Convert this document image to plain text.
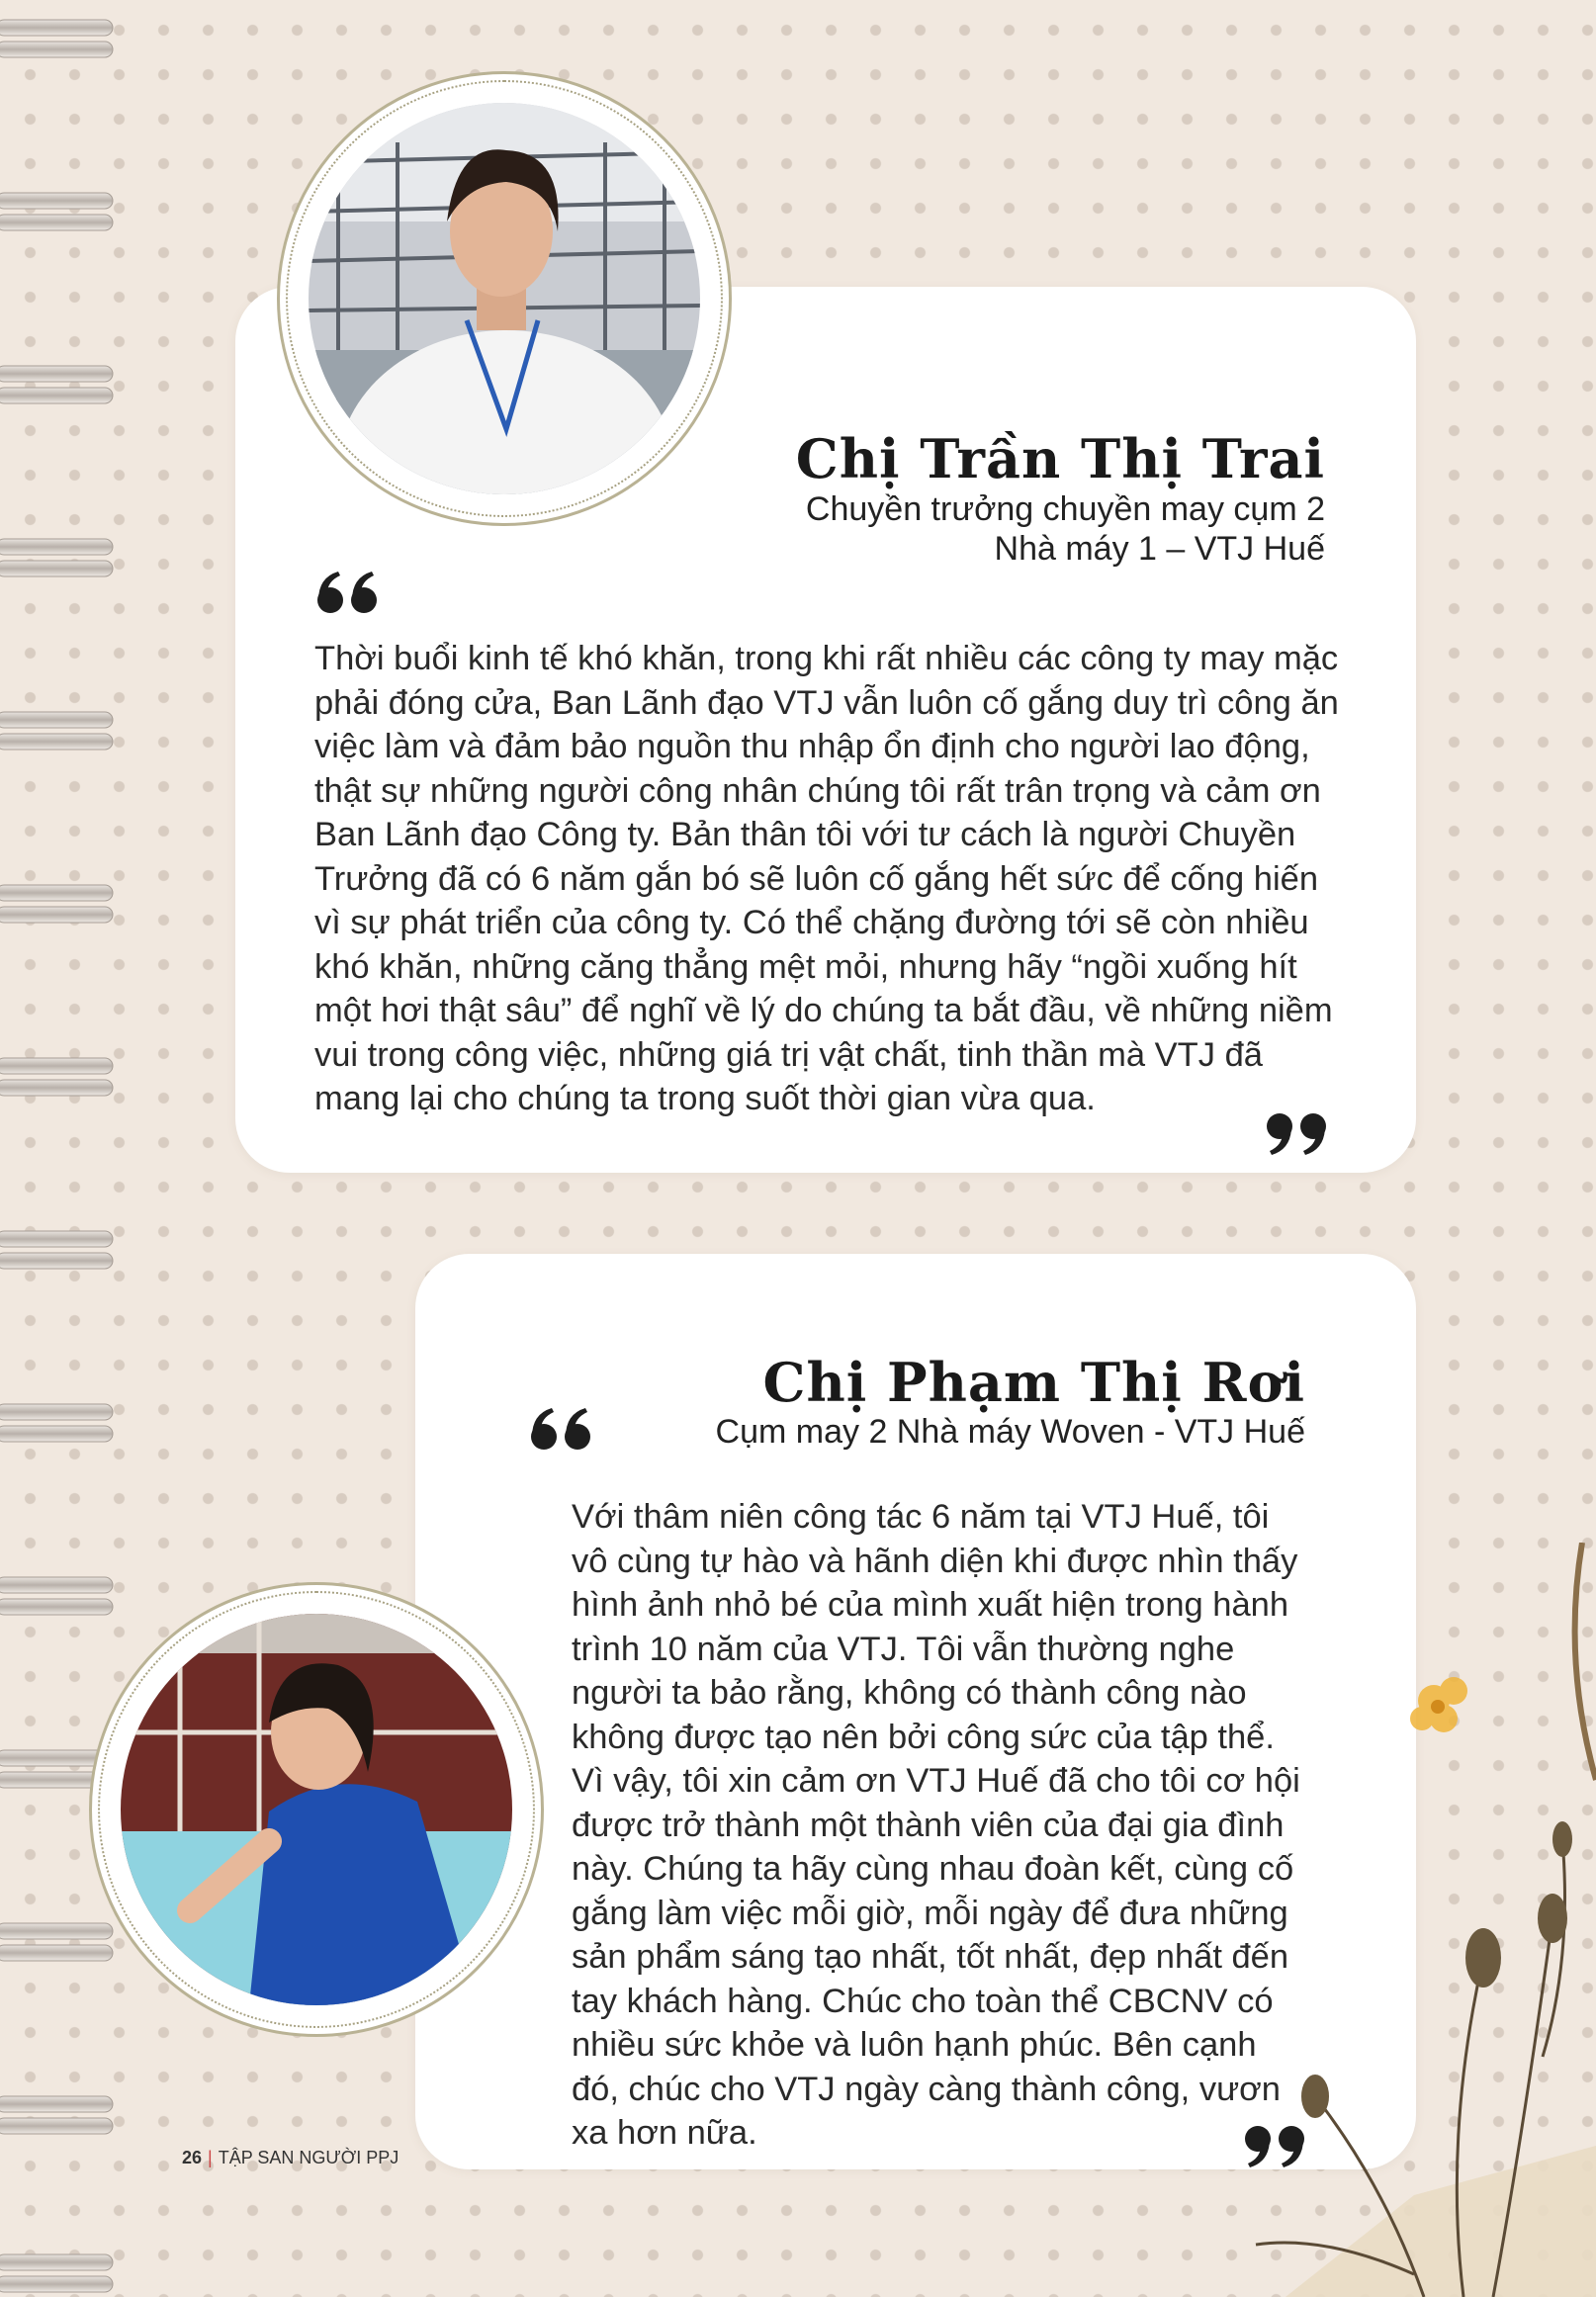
Chị Trần Thị Trai

Chuyền trưởng chuyền may cụm 2

Nhà máy 1 – VTJ Huế

Thời buổi kinh tế khó khăn, trong khi rất nhiều các công ty may mặc phải đóng cửa, Ban Lãnh đạo VTJ vẫn luôn cố gắng duy trì công ăn việc làm và đảm bảo nguồn thu nhập ổn định cho người lao động, thật sự những người công nhân chúng tôi rất trân trọng và cảm ơn Ban Lãnh đạo Công ty. Bản thân tôi với tư cách là người Chuyền Trưởng đã có 6 năm gắn bó sẽ luôn cố gắng hết sức để cống hiến vì sự phát triển của công ty. Có thể chặng đường tới sẽ còn nhiều khó khăn, những căng thẳng mệt mỏi, nhưng hãy “ngồi xuống hít một hơi thật sâu” để nghĩ về lý do chúng ta bắt đầu, về những niềm vui trong công việc, những giá trị vật chất, tinh thần mà VTJ đã mang lại cho chúng ta trong suốt thời gian vừa qua.

Chị Phạm Thị Rơi

Cụm may 2 Nhà máy Woven - VTJ Huế

Với thâm niên công tác 6 năm tại VTJ Huế, tôi vô cùng tự hào và hãnh diện khi được nhìn thấy hình ảnh nhỏ bé của mình xuất hiện trong hành trình 10 năm của VTJ. Tôi vẫn thường nghe người ta bảo rằng, không có thành công nào không được tạo nên bởi công sức của tập thể. Vì vậy, tôi xin cảm ơn VTJ Huế đã cho tôi cơ hội được trở thành một thành viên của đại gia đình này. Chúng ta hãy cùng nhau đoàn kết, cùng cố gắng làm việc mỗi giờ, mỗi ngày để đưa những sản phẩm sáng tạo nhất, tốt nhất, đẹp nhất đến tay khách hàng. Chúc cho toàn thể CBCNV có nhiều sức khỏe và luôn hạnh phúc. Bên cạnh đó, chúc cho VTJ ngày càng thành công, vươn xa hơn nữa.

26 | TẬP SAN NGƯỜI PPJ
